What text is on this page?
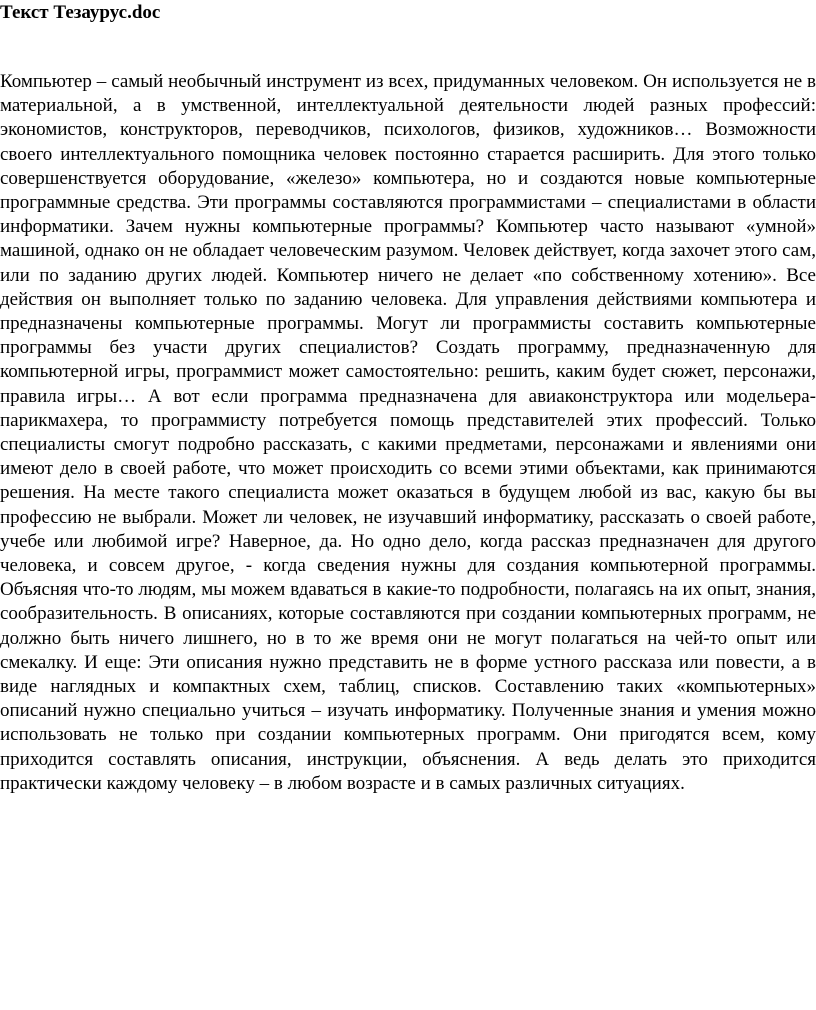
Текст Тезаурус.doc

Компьютер – самый необычный инструмент из всех, придуманных человеком. Он используется не в материальной, а в умственной, интеллектуальной деятельности людей разных профессий: экономистов, конструкторов, переводчиков, психологов, физиков, художников… Возможности своего интеллектуального помощника человек постоянно старается расширить. Для этого только совершенствуется оборудование, «железо» компьютера, но и создаются новые компьютерные программные средства. Эти программы составляются программистами – специалистами в области информатики. Зачем нужны компьютерные программы? Компьютер часто называют «умной» машиной, однако он не обладает человеческим разумом. Человек действует, когда захочет этого сам, или по заданию других людей. Компьютер ничего не делает «по собственному хотению». Все действия он выполняет только по заданию человека. Для управления действиями компьютера и предназначены компьютерные программы. Могут ли программисты составить компьютерные программы без участи других специалистов? Создать программу, предназначенную для компьютерной игры, программист может самостоятельно: решить, каким будет сюжет, персонажи, правила игры… А вот если программа предназначена для авиаконструктора или модельера-парикмахера, то программисту потребуется помощь представителей этих профессий. Только специалисты смогут подробно рассказать, с какими предметами, персонажами и явлениями они имеют дело в своей работе, что может происходить со всеми этими объектами, как принимаются решения. На месте такого специалиста может оказаться в будущем любой из вас, какую бы вы профессию не выбрали. Может ли человек, не изучавший информатику, рассказать о своей работе, учебе или любимой игре? Наверное, да. Но одно дело, когда рассказ предназначен для другого человека, и совсем другое, - когда сведения нужны для создания компьютерной программы. Объясняя что-то людям, мы можем вдаваться в какие-то подробности, полагаясь на их опыт, знания, сообразительность. В описаниях, которые составляются при создании компьютерных программ, не должно быть ничего лишнего, но в то же время они не могут полагаться на чей-то опыт или смекалку. И еще: Эти описания нужно представить не в форме устного рассказа или повести, а в виде наглядных и компактных схем, таблиц, списков. Составлению таких «компьютерных» описаний нужно специально учиться – изучать информатику. Полученные знания и умения можно использовать не только при создании компьютерных программ. Они пригодятся всем, кому приходится составлять описания, инструкции, объяснения. А ведь делать это приходится практически каждому человеку – в любом возрасте и в самых различных ситуациях.
